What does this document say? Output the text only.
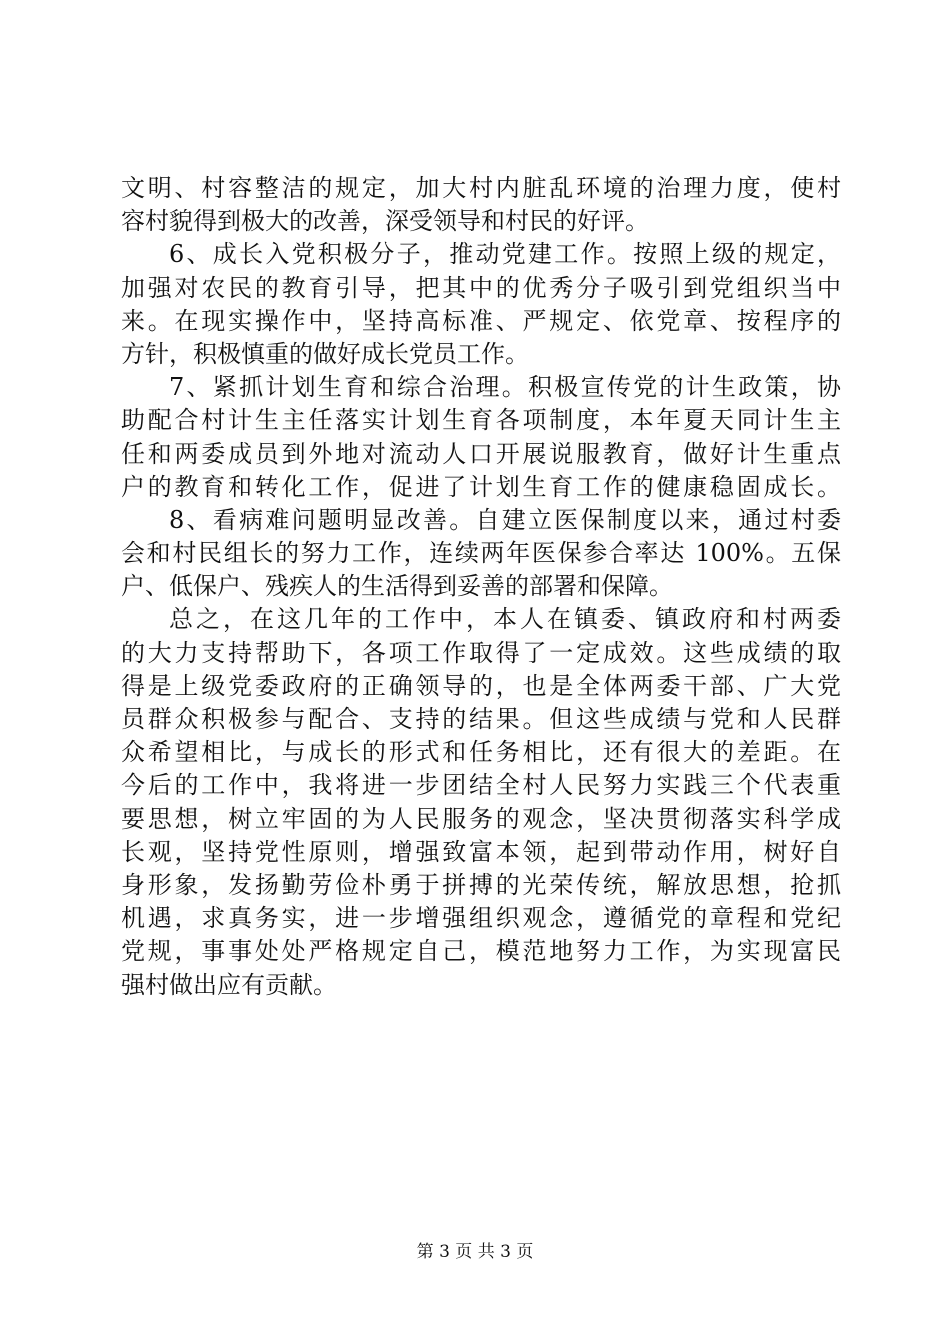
文明、村容整洁的规定，加大村内脏乱环境的治理力度，使村
容村貌得到极大的改善，深受领导和村民的好评。
6、成长入党积极分子，推动党建工作。按照上级的规定，
加强对农民的教育引导，把其中的优秀分子吸引到党组织当中
来。在现实操作中，坚持高标准、严规定、依党章、按程序的
方针，积极慎重的做好成长党员工作。
7、紧抓计划生育和综合治理。积极宣传党的计生政策，协
助配合村计生主任落实计划生育各项制度，本年夏天同计生主
任和两委成员到外地对流动人口开展说服教育，做好计生重点
户的教育和转化工作，促进了计划生育工作的健康稳固成长。
8、看病难问题明显改善。自建立医保制度以来，通过村委
会和村民组长的努力工作，连续两年医保参合率达 100%。五保
户、低保户、残疾人的生活得到妥善的部署和保障。
总之，在这几年的工作中，本人在镇委、镇政府和村两委
的大力支持帮助下，各项工作取得了一定成效。这些成绩的取
得是上级党委政府的正确领导的，也是全体两委干部、广大党
员群众积极参与配合、支持的结果。但这些成绩与党和人民群
众希望相比，与成长的形式和任务相比，还有很大的差距。在
今后的工作中，我将进一步团结全村人民努力实践三个代表重
要思想，树立牢固的为人民服务的观念，坚决贯彻落实科学成
长观，坚持党性原则，增强致富本领，起到带动作用，树好自
身形象，发扬勤劳俭朴勇于拼搏的光荣传统，解放思想，抢抓
机遇，求真务实，进一步增强组织观念，遵循党的章程和党纪
党规，事事处处严格规定自己，模范地努力工作，为实现富民
强村做出应有贡献。
第 3 页 共 3 页
